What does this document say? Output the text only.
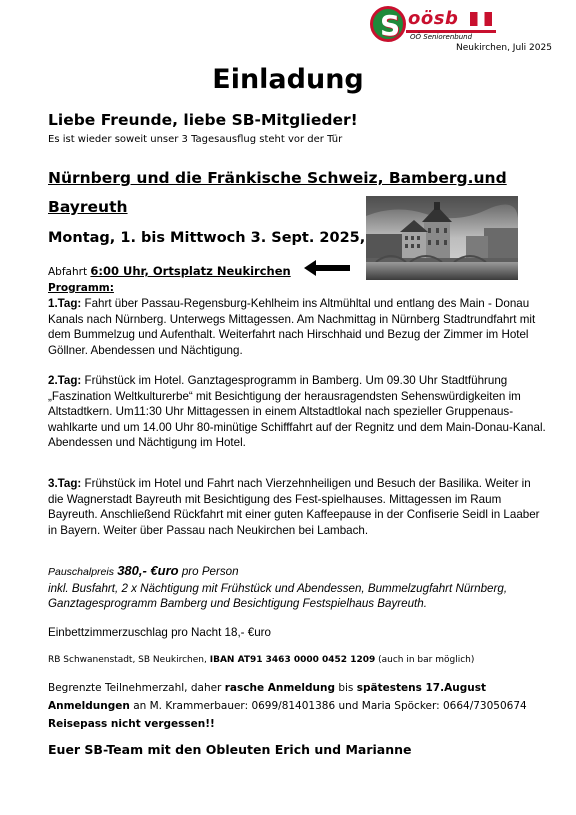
S oösb
OÖ Seniorenbund
Neukirchen, Juli 2025
Einladung
Liebe Freunde, liebe SB-Mitglieder!
Es ist wieder soweit unser 3 Tagesausflug steht vor der Tür
Nürnberg und die Fränkische Schweiz, Bamberg.und Bayreuth
Montag, 1. bis Mittwoch 3. Sept. 2025,
Abfahrt 6:00 Uhr, Ortsplatz Neukirchen
Programm:
1.Tag: Fahrt über Passau-Regensburg-Kehlheim ins Altmühltal und entlang des Main - Donau Kanals nach Nürnberg. Unterwegs Mittagessen. Am Nachmittag in Nürnberg Stadtrundfahrt mit dem Bummelzug und Aufenthalt. Weiterfahrt nach Hirschhaid und Bezug der Zimmer im Hotel Göllner. Abendessen und Nächtigung.
2.Tag: Frühstück im Hotel. Ganztagesprogramm in Bamberg. Um 09.30 Uhr Stadtführung „Faszination Weltkulturerbe“ mit Besichtigung der herausragendsten Sehenswürdigkeiten im Altstadtkern. Um11:30 Uhr Mittagessen in einem Altstadtlokal nach spezieller Gruppenaus-wahlkarte und um 14.00 Uhr 80-minütige Schifffahrt auf der Regnitz und dem Main-Donau-Kanal.
Abendessen und Nächtigung im Hotel.
3.Tag: Frühstück im Hotel und Fahrt nach Vierzehnheiligen und Besuch der Basilika. Weiter in die Wagnerstadt Bayreuth mit Besichtigung des Fest-spielhauses. Mittagessen im Raum Bayreuth. Anschließend Rückfahrt mit einer guten Kaffeepause in der Confiserie Seidl in Laaber in Bayern. Weiter über Passau nach Neukirchen bei Lambach.
Pauschalpreis 380,- €uro pro Person
inkl. Busfahrt, 2 x Nächtigung mit Frühstück und Abendessen, Bummelzugfahrt Nürnberg, Ganztagesprogramm Bamberg und Besichtigung Festspielhaus Bayreuth.
Einbettzimmerzuschlag pro Nacht 18,- €uro
RB Schwanenstadt, SB Neukirchen, IBAN AT91 3463 0000 0452 1209 (auch in bar möglich)
Begrenzte Teilnehmerzahl, daher rasche Anmeldung bis spätestens 17.August
Anmeldungen an M. Krammerbauer: 0699/81401386 und Maria Spöcker: 0664/73050674
Reisepass nicht vergessen!!
Euer SB-Team mit den Obleuten Erich und Marianne
